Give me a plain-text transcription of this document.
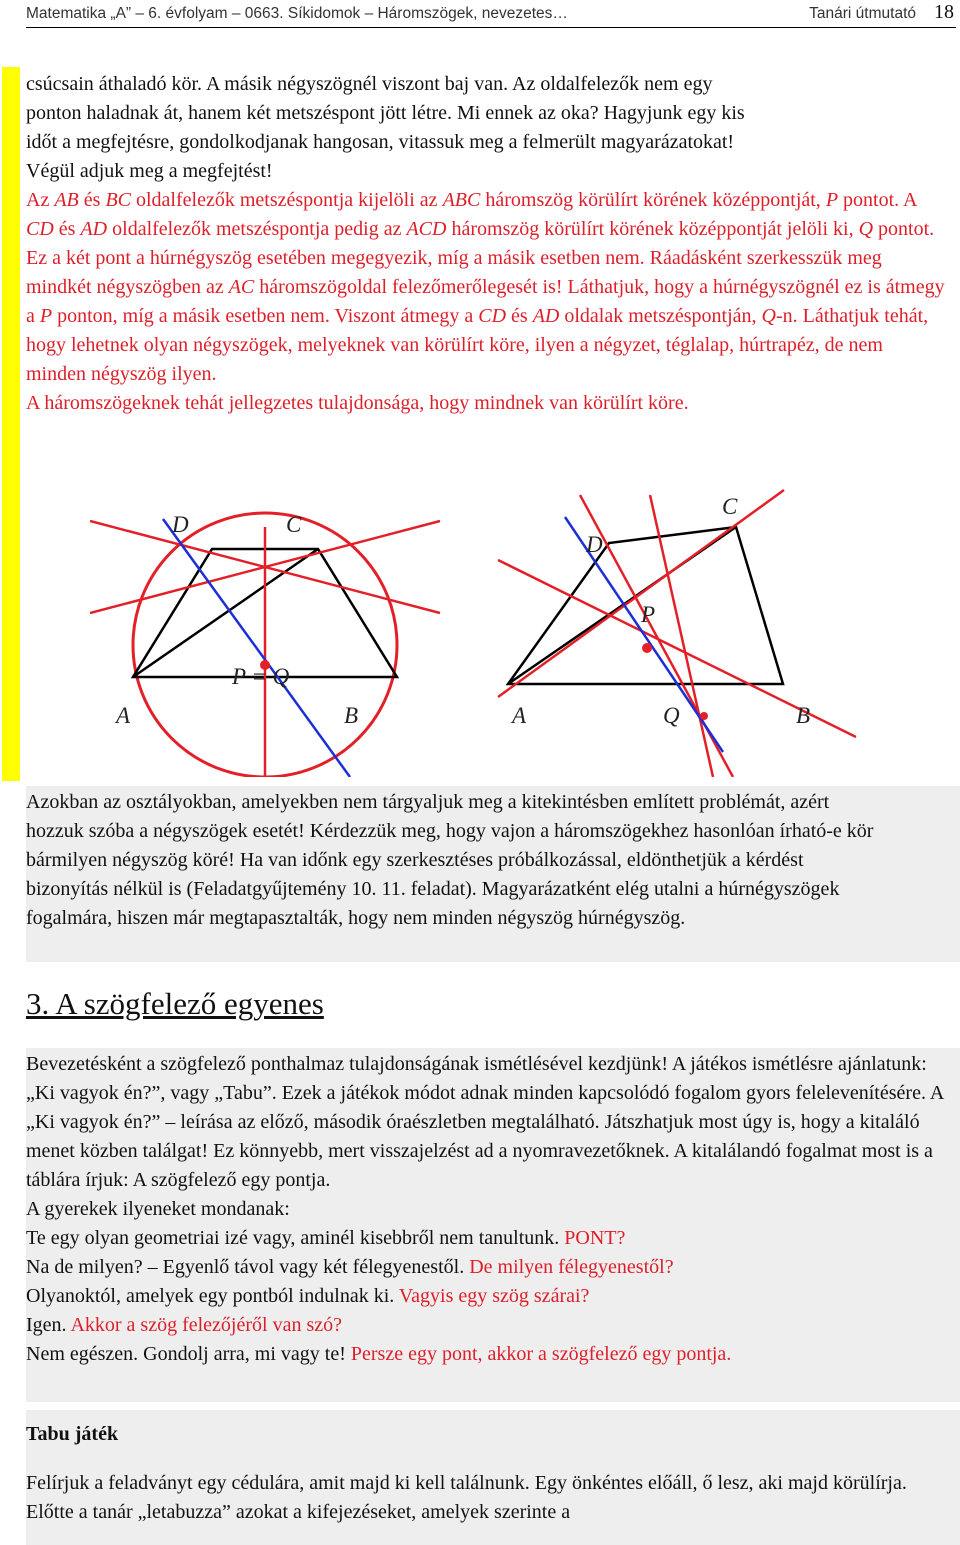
Matematika „A” – 6. évfolyam – 0663. Síkidomok – Háromszögek, nevezetes…	Tanári útmutató 18

csúcsain áthaladó kör. A másik négyszögnél viszont baj van. Az oldalfelezők nem egy

ponton haladnak át, hanem két metszéspont jött létre. Mi ennek az oka? Hagyjunk egy kis

időt a megfejtésre, gondolkodjanak hangosan, vitassuk meg a felmerült magyarázatokat!

Végül adjuk meg a megfejtést!

Az AB és BC oldalfelezők metszéspontja kijelöli az ABC háromszög körülírt körének középpontját, P pontot. A CD és AD oldalfelezők metszéspontja pedig az ACD háromszög körülírt körének középpontját jelöli ki, Q pontot. Ez a két pont a húrnégyszög esetében megegyezik, míg a másik esetben nem. Ráadásként szerkesszük meg mindkét négyszögben az AC háromszögoldal felezőmerőlegesét is! Láthatjuk, hogy a húrnégyszögnél ez is átmegy a P ponton, míg a másik esetben nem. Viszont átmegy a CD és AD oldalak metszéspontján, Q-n. Láthatjuk tehát, hogy lehetnek olyan négyszögek, melyeknek van körülírt köre, ilyen a négyzet, téglalap, húrtrapéz, de nem minden négyszög ilyen.

A háromszögeknek tehát jellegzetes tulajdonsága, hogy mindnek van körülírt köre.

D	C
P = Q
A	B
C
D
P
A	Q	B

Azokban az osztályokban, amelyekben nem tárgyaljuk meg a kitekintésben említett problémát, azért hozzuk szóba a négyszögek esetét! Kérdezzük meg, hogy vajon a háromszögekhez hasonlóan írható-e kör bármilyen négyszög köré! Ha van időnk egy szerkesztéses próbálkozással, eldönthetjük a kérdést bizonyítás nélkül is (Feladatgyűjtemény 10. 11. feladat). Magyarázatként elég utalni a húrnégyszögek fogalmára, hiszen már megtapasztalták, hogy nem minden négyszög húrnégyszög.

3. A szögfelező egyenes

Bevezetésként a szögfelező ponthalmaz tulajdonságának ismétlésével kezdjünk! A játékos ismétlésre ajánlatunk: „Ki vagyok én?”, vagy „Tabu”. Ezek a játékok módot adnak minden kapcsolódó fogalom gyors felelevenítésére. A „Ki vagyok én?” – leírása az előző, második óraészletben megtalálható. Játszhatjuk most úgy is, hogy a kitaláló menet közben találgat! Ez könnyebb, mert visszajelzést ad a nyomravezetőknek. A kitalálandó fogalmat most is a táblára írjuk: A szögfelező egy pontja.

A gyerekek ilyeneket mondanak:

Te egy olyan geometriai izé vagy, aminél kisebbről nem tanultunk. PONT?

Na de milyen? – Egyenlő távol vagy két félegyenestől. De milyen félegyenestől?

Olyanoktól, amelyek egy pontból indulnak ki. Vagyis egy szög szárai?

Igen. Akkor a szög felezőjéről van szó?

Nem egészen. Gondolj arra, mi vagy te! Persze egy pont, akkor a szögfelező egy pontja.

Tabu játék

Felírjuk a feladványt egy cédulára, amit majd ki kell találnunk. Egy önkéntes előáll, ő lesz, aki majd körülírja. Előtte a tanár „letabuzza” azokat a kifejezéseket, amelyek szerinte a
